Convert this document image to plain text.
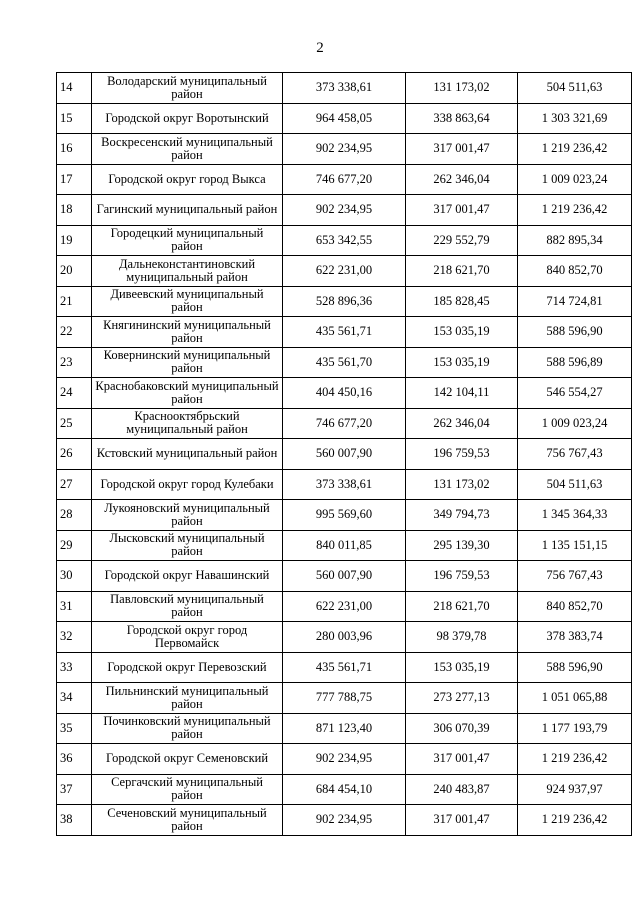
2
14	Володарский муниципальный район	373 338,61	131 173,02	504 511,63
15	Городской округ Воротынский	964 458,05	338 863,64	1 303 321,69
16	Воскресенский муниципальный район	902 234,95	317 001,47	1 219 236,42
17	Городской округ город Выкса	746 677,20	262 346,04	1 009 023,24
18	Гагинский муниципальный район	902 234,95	317 001,47	1 219 236,42
19	Городецкий муниципальный район	653 342,55	229 552,79	882 895,34
20	Дальнеконстантиновский муниципальный район	622 231,00	218 621,70	840 852,70
21	Дивеевский муниципальный район	528 896,36	185 828,45	714 724,81
22	Княгининский муниципальный район	435 561,71	153 035,19	588 596,90
23	Ковернинский муниципальный район	435 561,70	153 035,19	588 596,89
24	Краснобаковский муниципальный район	404 450,16	142 104,11	546 554,27
25	Краснооктябрьский муниципальный район	746 677,20	262 346,04	1 009 023,24
26	Кстовский муниципальный район	560 007,90	196 759,53	756 767,43
27	Городской округ город Кулебаки	373 338,61	131 173,02	504 511,63
28	Лукояновский муниципальный район	995 569,60	349 794,73	1 345 364,33
29	Лысковский муниципальный район	840 011,85	295 139,30	1 135 151,15
30	Городской округ Навашинский	560 007,90	196 759,53	756 767,43
31	Павловский муниципальный район	622 231,00	218 621,70	840 852,70
32	Городской округ город Первомайск	280 003,96	98 379,78	378 383,74
33	Городской округ Перевозский	435 561,71	153 035,19	588 596,90
34	Пильнинский муниципальный район	777 788,75	273 277,13	1 051 065,88
35	Починковский муниципальный район	871 123,40	306 070,39	1 177 193,79
36	Городской округ Семеновский	902 234,95	317 001,47	1 219 236,42
37	Сергачский муниципальный район	684 454,10	240 483,87	924 937,97
38	Сеченовский муниципальный район	902 234,95	317 001,47	1 219 236,42
